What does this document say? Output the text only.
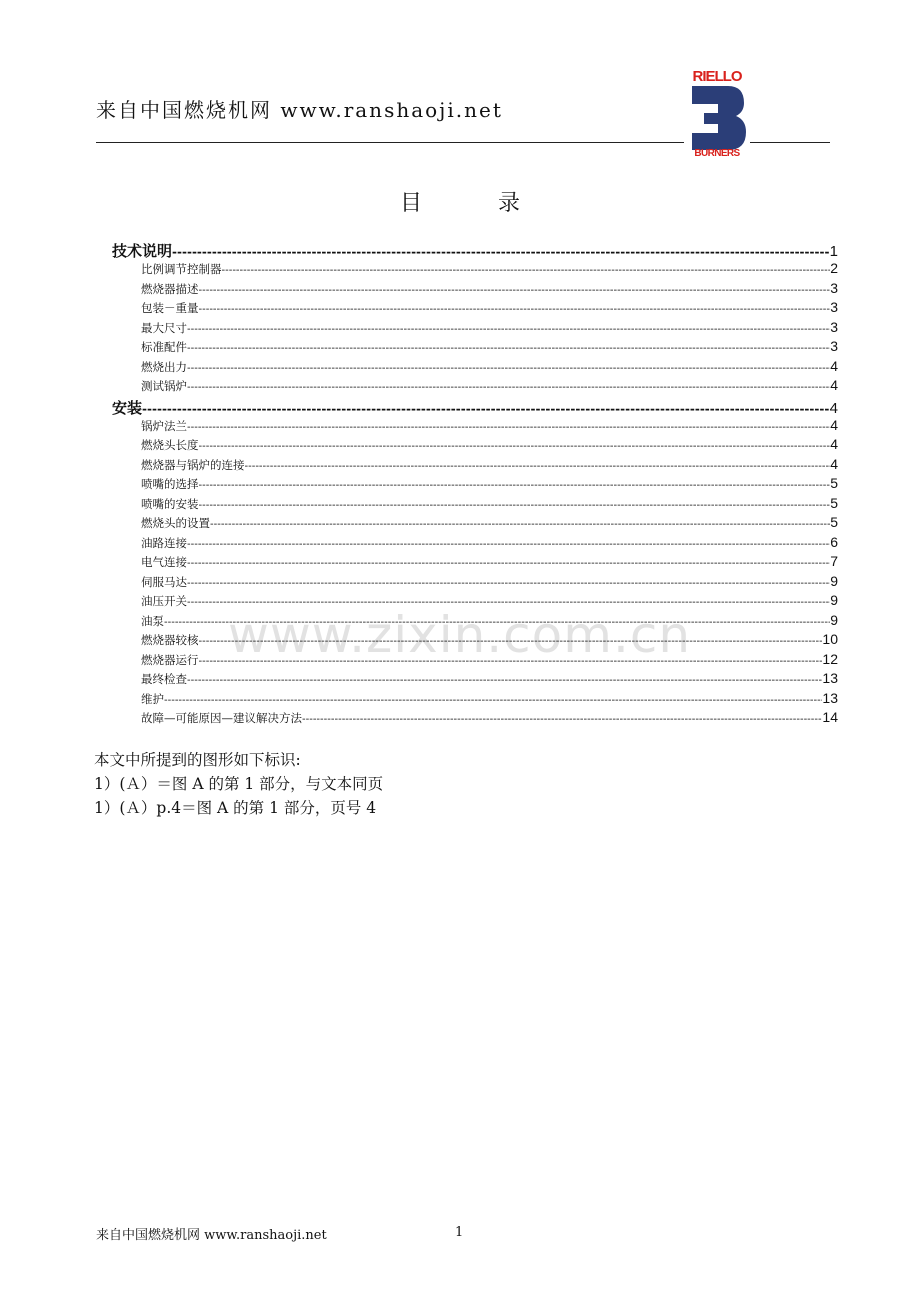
来自中国燃烧机网 www.ranshaoji.net
RIELLO
BURNERS
目	录
www.zixin.com.cn
技术说明 -----	1
比例调节控制器 -----	2
燃烧器描述 -----	3
包装－重量 -----	3
最大尺寸 -----	3
标准配件 -----	3
燃烧出力 -----	4
测试锅炉 -----	4
安装 -----	4
锅炉法兰 -----	4
燃烧头长度 -----	4
燃烧器与锅炉的连接 -----	4
喷嘴的选择 -----	5
喷嘴的安装 -----	5
燃烧头的设置 -----	5
油路连接 -----	6
电气连接 -----	7
伺服马达 -----	9
油压开关 -----	9
油泵 -----	9
燃烧器较核 -----	10
燃烧器运行 -----	12
最终检查 -----	13
维护 -----	13
故障—可能原因—建议解决方法 -----	14
本文中所提到的图形如下标识:
1）(Ａ）＝图 A 的第 1 部分，与文本同页
1）(Ａ）p.4＝图 A 的第 1 部分，页号 4
来自中国燃烧机网 www.ranshaoji.net	1
